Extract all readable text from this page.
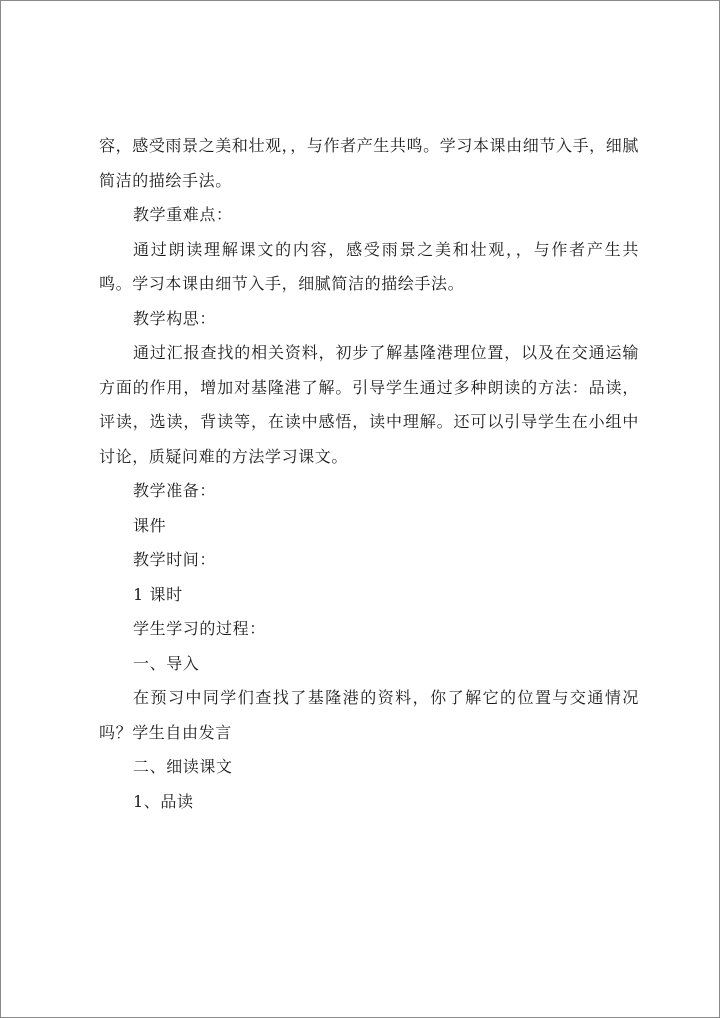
容，感受雨景之美和壮观，，与作者产生共鸣。学习本课由细节入手，细腻简洁的描绘手法。

教学重难点：

通过朗读理解课文的内容，感受雨景之美和壮观，，与作者产生共鸣。学习本课由细节入手，细腻简洁的描绘手法。

教学构思：

通过汇报查找的相关资料，初步了解基隆港理位置，以及在交通运输方面的作用，增加对基隆港了解。引导学生通过多种朗读的方法：品读，评读，选读，背读等，在读中感悟，读中理解。还可以引导学生在小组中讨论，质疑问难的方法学习课文。

教学准备：

课件

教学时间：

1 课时

学生学习的过程：

一、导入

在预习中同学们查找了基隆港的资料，你了解它的位置与交通情况吗？学生自由发言

二、细读课文

1、品读
